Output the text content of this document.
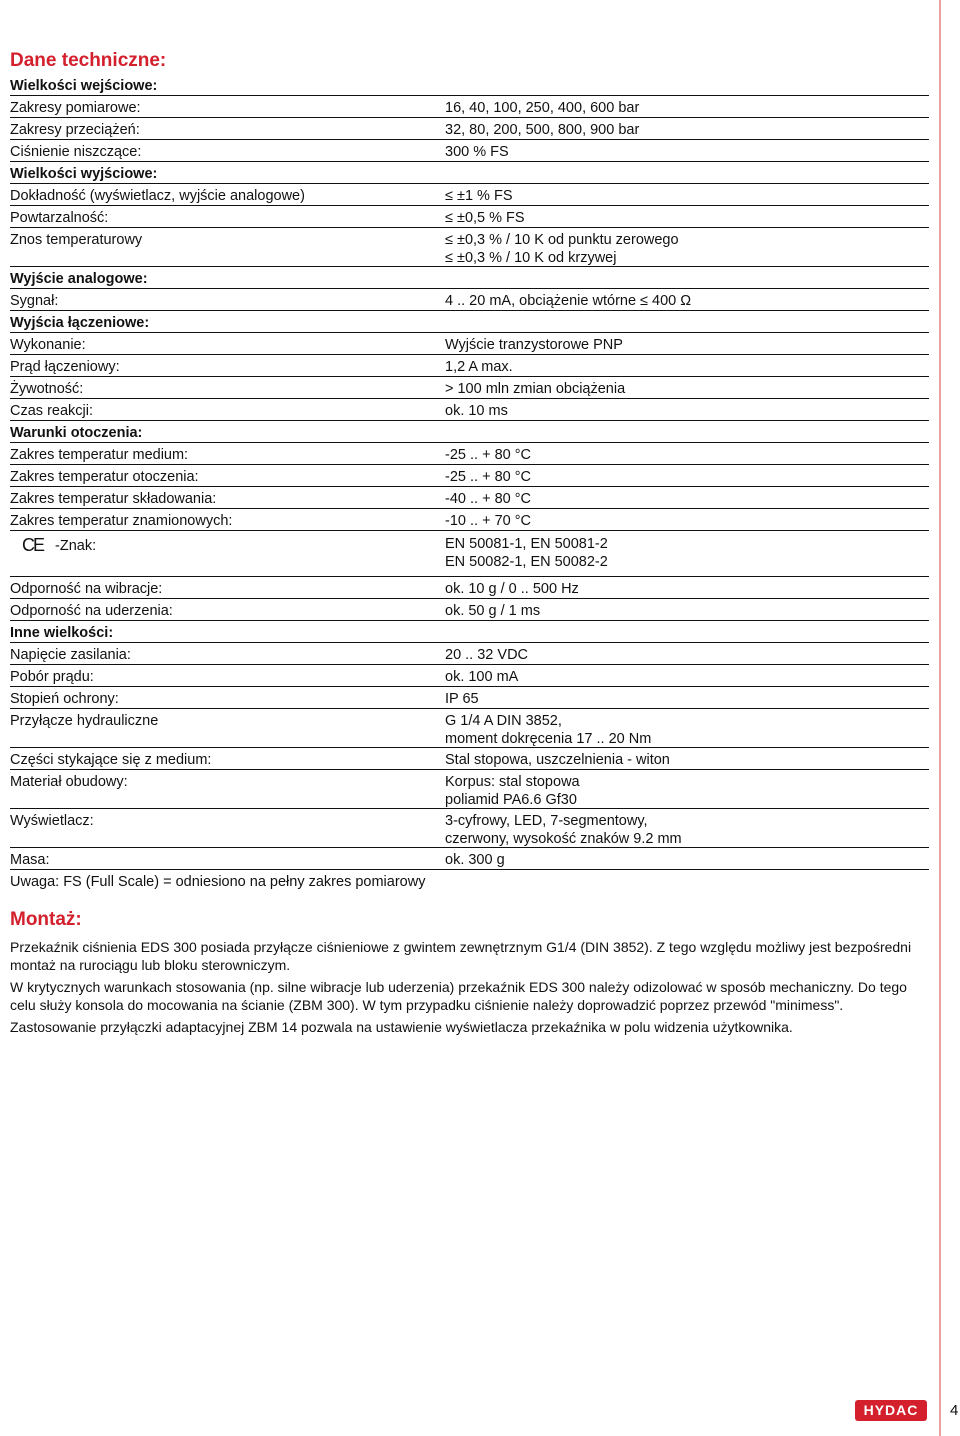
Dane techniczne:
Wielkości wejściowe:
Zakresy pomiarowe:	16, 40, 100, 250, 400, 600 bar
Zakresy przeciążeń:	32, 80, 200, 500, 800, 900 bar
Ciśnienie niszczące:	300 % FS
Wielkości wyjściowe:
Dokładność (wyświetlacz, wyjście analogowe)	≤ ±1 % FS
Powtarzalność:	≤ ±0,5 % FS
Znos temperaturowy	≤ ±0,3 % / 10 K od punktu zerowego
≤ ±0,3 % / 10 K od krzywej
Wyjście analogowe:
Sygnał:	4 .. 20 mA, obciążenie wtórne ≤ 400 Ω
Wyjścia łączeniowe:
Wykonanie:	Wyjście tranzystorowe PNP
Prąd łączeniowy:	1,2 A max.
Żywotność:	> 100 mln zmian obciążenia
Czas reakcji:	ok. 10 ms
Warunki otoczenia:
Zakres temperatur medium:	-25 .. + 80 °C
Zakres temperatur otoczenia:	-25 .. + 80 °C
Zakres temperatur składowania:	-40 .. + 80 °C
Zakres temperatur znamionowych:	-10 .. + 70 °C
CE -Znak:	EN 50081-1, EN 50081-2
EN 50082-1, EN 50082-2
Odporność na wibracje:	ok. 10 g / 0 .. 500 Hz
Odporność na uderzenia:	ok. 50 g / 1 ms
Inne wielkości:
Napięcie zasilania:	20 .. 32 VDC
Pobór prądu:	ok. 100 mA
Stopień ochrony:	IP 65
Przyłącze hydrauliczne	G 1/4 A DIN 3852,
moment dokręcenia 17 .. 20 Nm
Części stykające się z medium:	Stal stopowa, uszczelnienia - witon
Materiał obudowy:	Korpus: stal stopowa
poliamid PA6.6 Gf30
Wyświetlacz:	3-cyfrowy, LED, 7-segmentowy,
czerwony, wysokość znaków 9.2 mm
Masa:	ok. 300 g
Uwaga: FS (Full Scale) = odniesiono na pełny zakres pomiarowy
Montaż:

Przekaźnik ciśnienia EDS 300 posiada przyłącze ciśnieniowe z gwintem zewnętrznym G1/4 (DIN 3852). Z tego względu możliwy jest bezpośredni montaż na rurociągu lub bloku sterowniczym.

W krytycznych warunkach stosowania (np. silne wibracje lub uderzenia) przekaźnik EDS 300 należy odizolować w sposób mechaniczny. Do tego celu służy konsola do mocowania na ścianie (ZBM 300). W tym przypadku ciśnienie należy doprowadzić poprzez przewód "minimess".

Zastosowanie przyłączki adaptacyjnej ZBM 14 pozwala na ustawienie wyświetlacza przekaźnika w polu widzenia użytkownika.

HYDAC	4
